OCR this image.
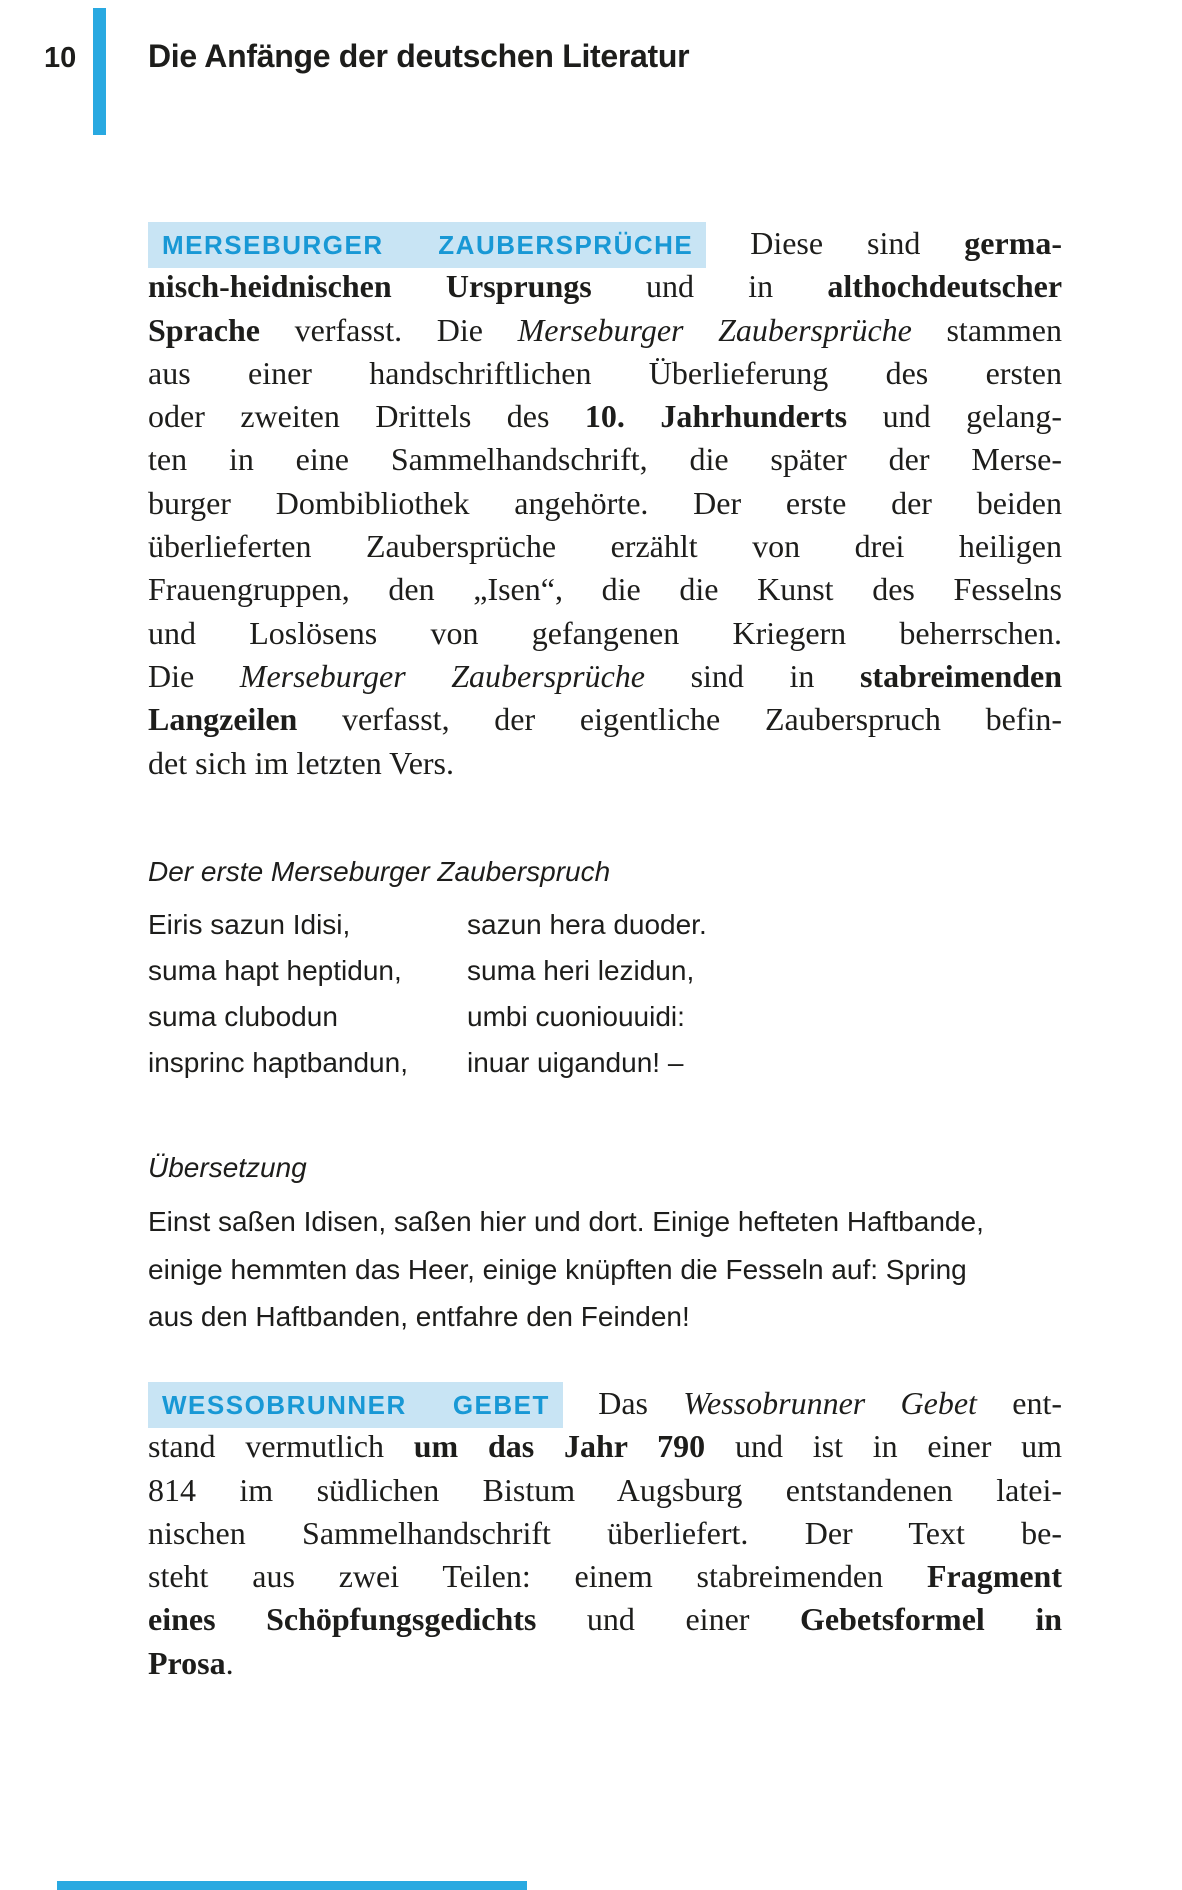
10 Die Anfänge der deutschen Literatur
MERSEBURGER ZAUBERSPRÜCHE Diese sind germa-
nisch-heidnischen Ursprungs und in althochdeutscher
Sprache verfasst. Die Merseburger Zaubersprüche stammen
aus einer handschriftlichen Überlieferung des ersten
oder zweiten Drittels des 10. Jahrhunderts und gelang-
ten in eine Sammelhandschrift, die später der Merse-
burger Dombibliothek angehörte. Der erste der beiden
überlieferten Zaubersprüche erzählt von drei heiligen
Frauengruppen, den „Isen“, die die Kunst des Fesselns
und Loslösens von gefangenen Kriegern beherrschen.
Die Merseburger Zaubersprüche sind in stabreimenden
Langzeilen verfasst, der eigentliche Zauberspruch befin-
det sich im letzten Vers.

Der erste Merseburger Zauberspruch

Eiris sazun Idisi,	sazun hera duoder.
suma hapt heptidun,	suma heri lezidun,
suma clubodun	umbi cuoniouuidi:
insprinc haptbandun,	inuar uigandun! –

Übersetzung

Einst saßen Idisen, saßen hier und dort. Einige hefteten Haftbande,
einige hemmten das Heer, einige knüpften die Fesseln auf: Spring
aus den Haftbanden, entfahre den Feinden!
WESSOBRUNNER GEBET Das Wessobrunner Gebet ent-
stand vermutlich um das Jahr 790 und ist in einer um
814 im südlichen Bistum Augsburg entstandenen latei-
nischen Sammelhandschrift überliefert. Der Text be-
steht aus zwei Teilen: einem stabreimenden Fragment
eines Schöpfungsgedichts und einer Gebetsformel in
Prosa.
